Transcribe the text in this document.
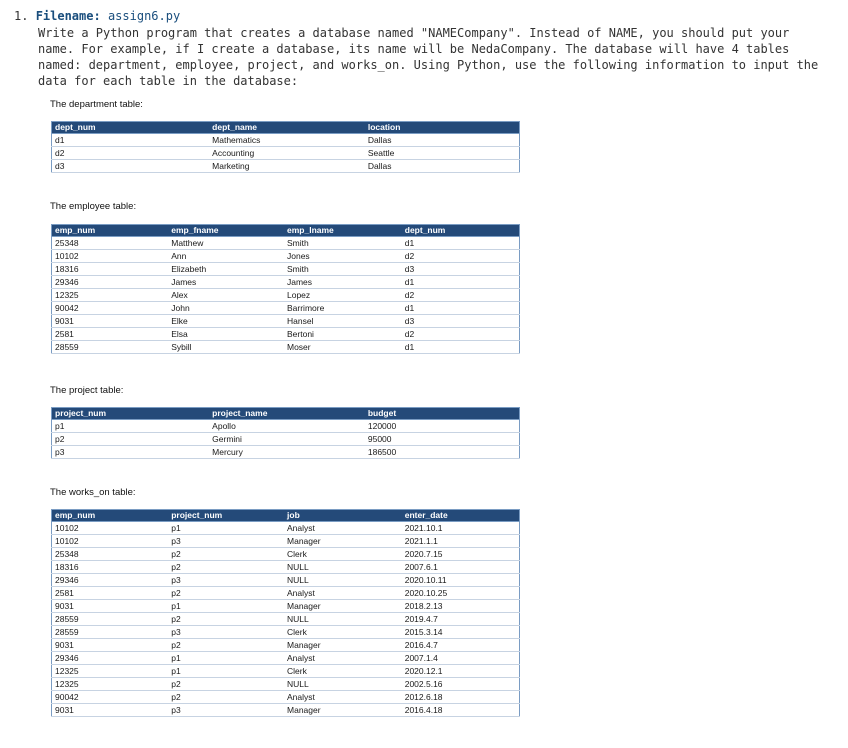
1. Filename: assign6.py
Write a Python program that creates a database named "NAMECompany". Instead of NAME, you should put your name. For example, if I create a database, its name will be NedaCompany. The database will have 4 tables named: department, employee, project, and works_on. Using Python, use the following information to input the data for each table in the database:
The department table:
dept_num	dept_name	location
d1	Mathematics	Dallas
d2	Accounting	Seattle
d3	Marketing	Dallas
The employee table:
emp_num	emp_fname	emp_lname	dept_num
25348	Matthew	Smith	d1
10102	Ann	Jones	d2
18316	Elizabeth	Smith	d3
29346	James	James	d1
12325	Alex	Lopez	d2
90042	John	Barrimore	d1
9031	Elke	Hansel	d3
2581	Elsa	Bertoni	d2
28559	Sybill	Moser	d1
The project table:
project_num	project_name	budget
p1	Apollo	120000
p2	Germini	95000
p3	Mercury	186500
The works_on table:
emp_num	project_num	job	enter_date
10102	p1	Analyst	2021.10.1
10102	p3	Manager	2021.1.1
25348	p2	Clerk	2020.7.15
18316	p2	NULL	2007.6.1
29346	p3	NULL	2020.10.11
2581	p2	Analyst	2020.10.25
9031	p1	Manager	2018.2.13
28559	p2	NULL	2019.4.7
28559	p3	Clerk	2015.3.14
9031	p2	Manager	2016.4.7
29346	p1	Analyst	2007.1.4
12325	p1	Clerk	2020.12.1
12325	p2	NULL	2002.5.16
90042	p2	Analyst	2012.6.18
9031	p3	Manager	2016.4.18
